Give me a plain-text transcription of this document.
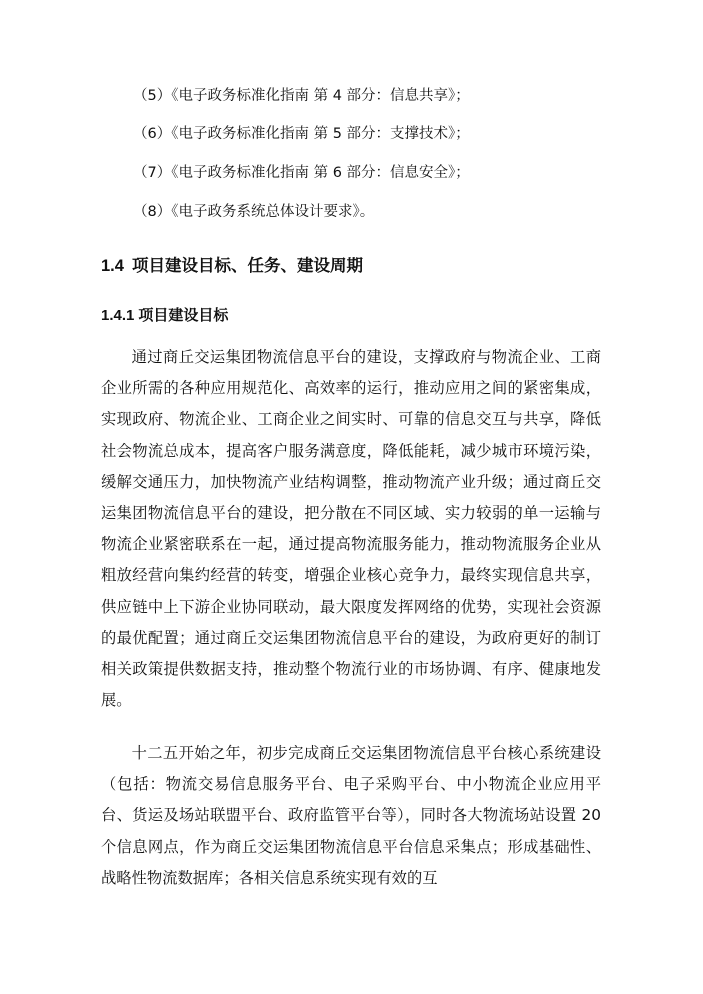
（5）《电子政务标准化指南 第 4 部分：信息共享》；
（6）《电子政务标准化指南 第 5 部分：支撑技术》；
（7）《电子政务标准化指南 第 6 部分：信息安全》；
（8）《电子政务系统总体设计要求》。
1.4 项目建设目标、任务、建设周期
1.4.1 项目建设目标

通过商丘交运集团物流信息平台的建设，支撑政府与物流企业、工商企业所需的各种应用规范化、高效率的运行，推动应用之间的紧密集成，实现政府、物流企业、工商企业之间实时、可靠的信息交互与共享，降低社会物流总成本，提高客户服务满意度，降低能耗，减少城市环境污染，缓解交通压力，加快物流产业结构调整，推动物流产业升级；通过商丘交运集团物流信息平台的建设，把分散在不同区域、实力较弱的单一运输与物流企业紧密联系在一起，通过提高物流服务能力，推动物流服务企业从粗放经营向集约经营的转变，增强企业核心竞争力，最终实现信息共享，供应链中上下游企业协同联动，最大限度发挥网络的优势，实现社会资源的最优配置；通过商丘交运集团物流信息平台的建设，为政府更好的制订相关政策提供数据支持，推动整个物流行业的市场协调、有序、健康地发展。

十二五开始之年，初步完成商丘交运集团物流信息平台核心系统建设（包括：物流交易信息服务平台、电子采购平台、中小物流企业应用平台、货运及场站联盟平台、政府监管平台等），同时各大物流场站设置 20 个信息网点，作为商丘交运集团物流信息平台信息采集点；形成基础性、战略性物流数据库；各相关信息系统实现有效的互
